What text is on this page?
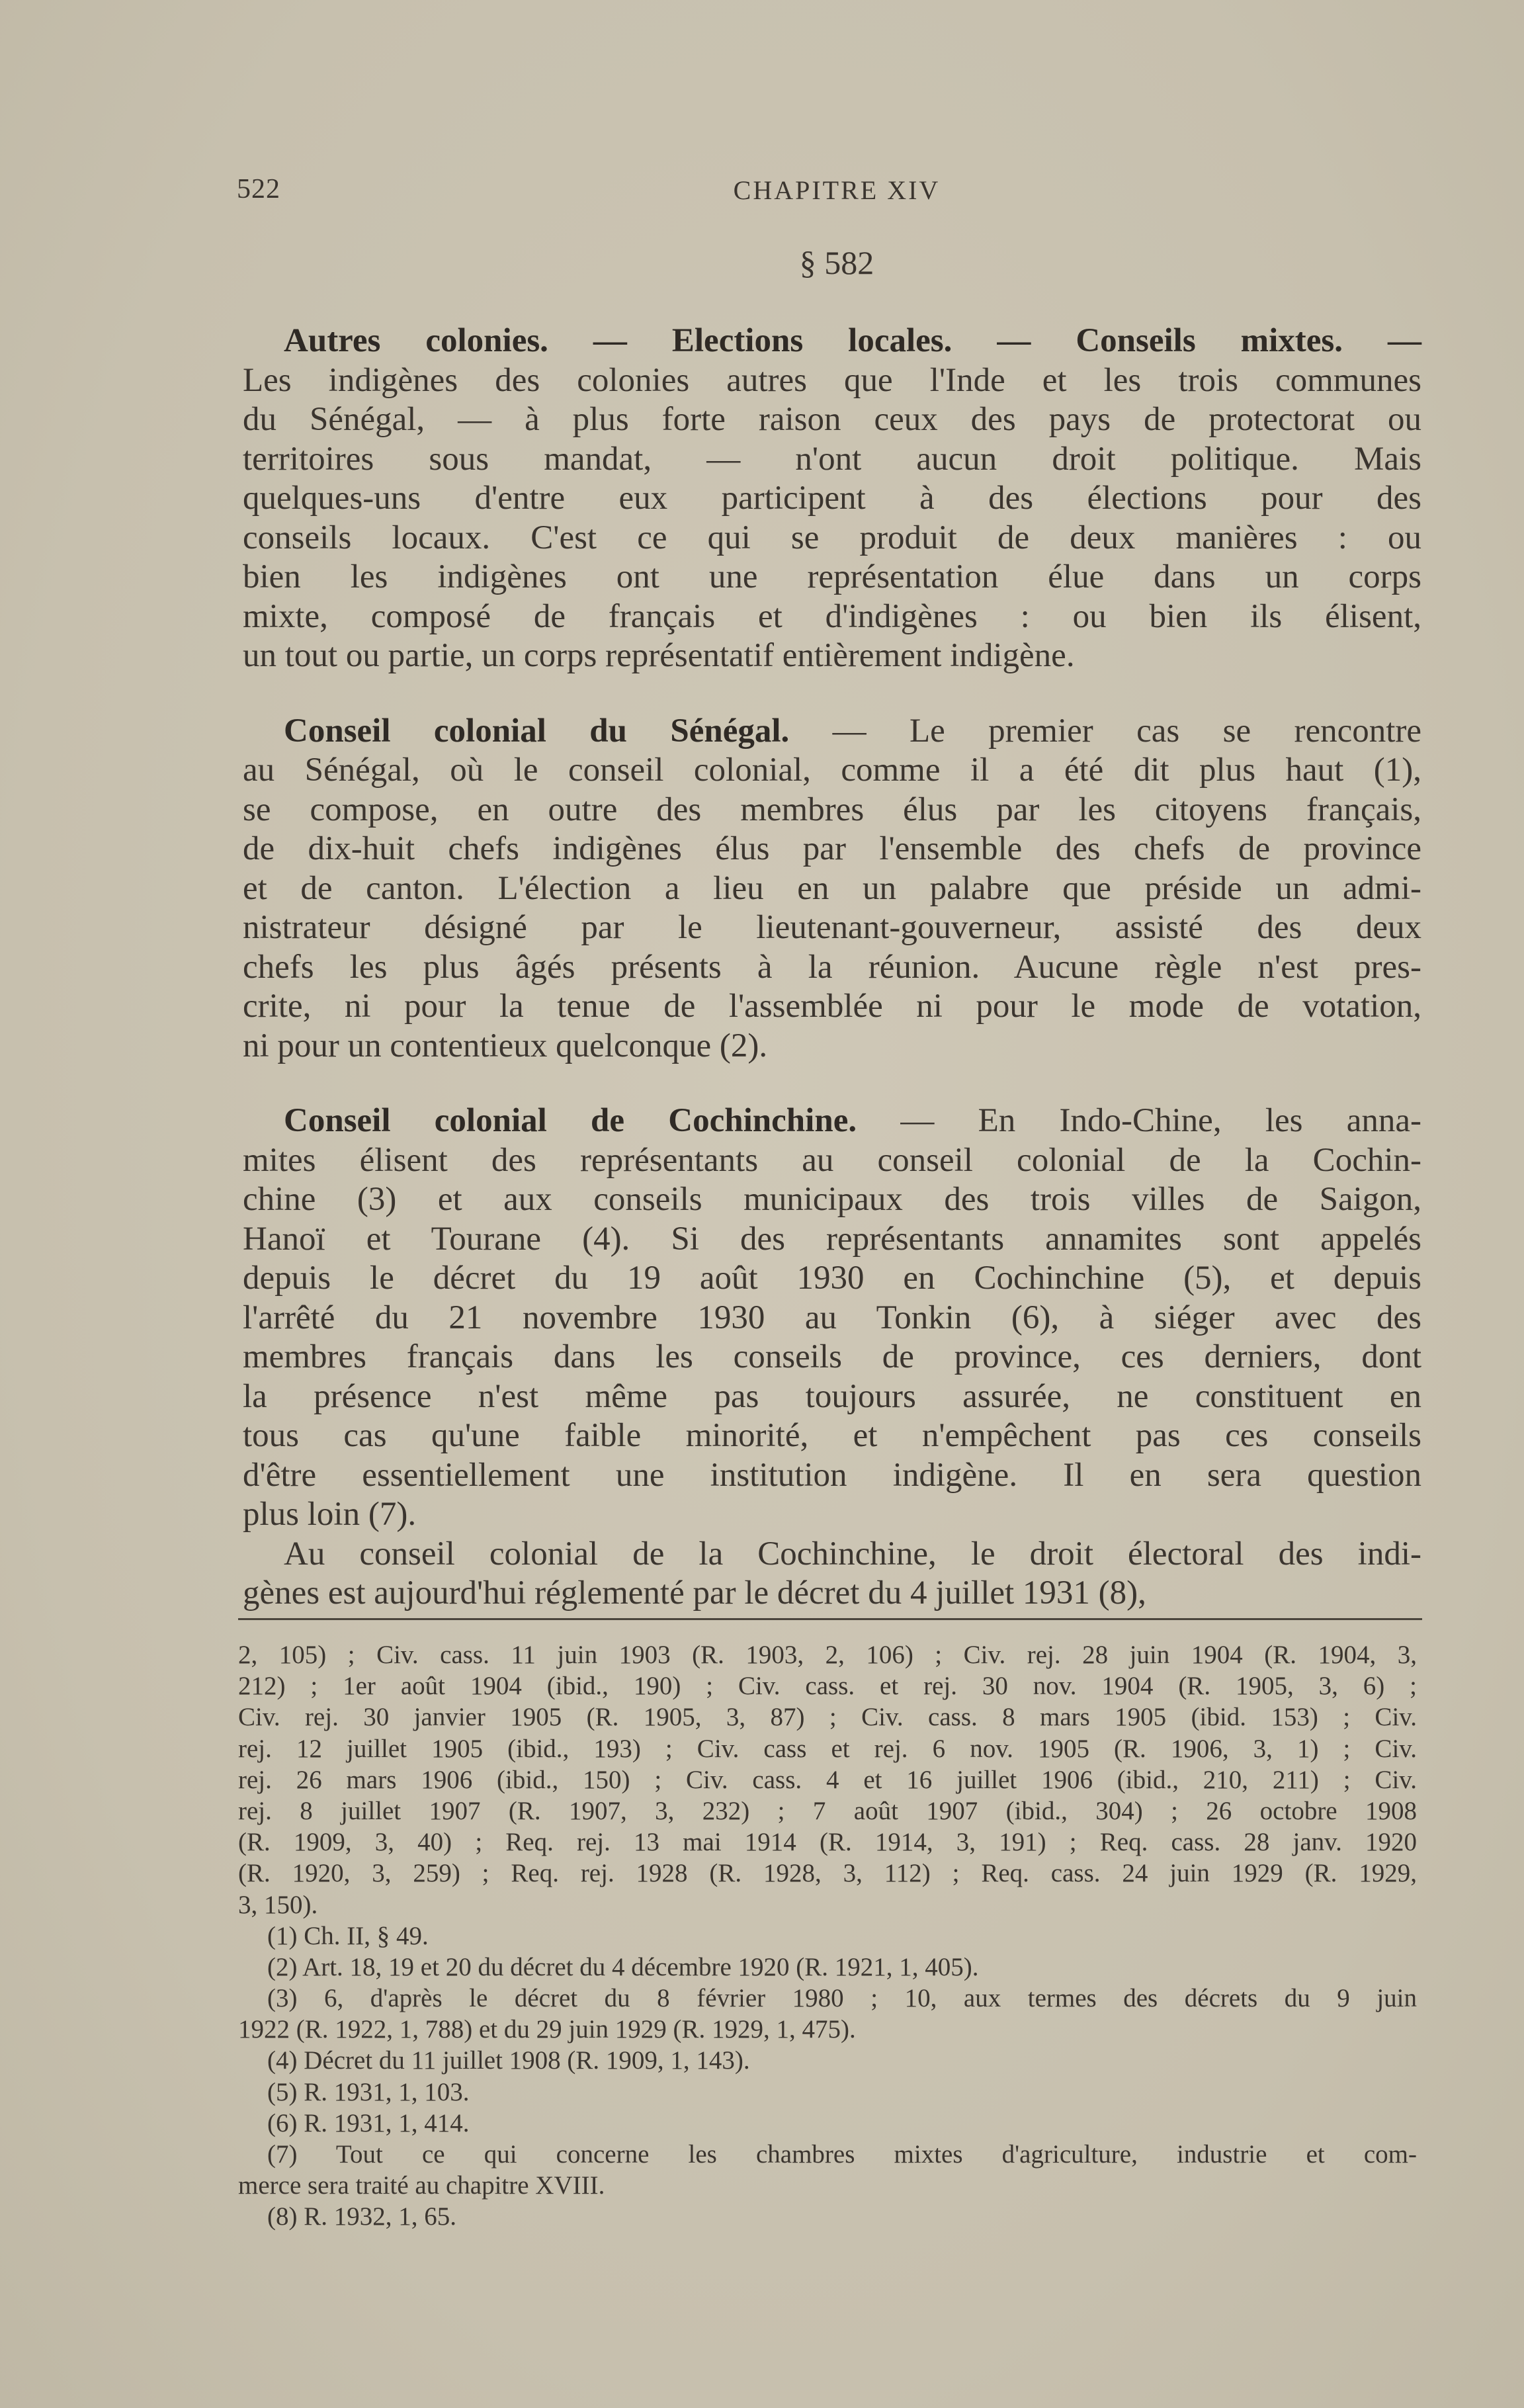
522	CHAPITRE XIV
§ 582
Autres colonies. — Elections locales. — Conseils mixtes. —
Les indigènes des colonies autres que l'Inde et les trois communes
du Sénégal, — à plus forte raison ceux des pays de protectorat ou
territoires sous mandat, — n'ont aucun droit politique. Mais
quelques-uns d'entre eux participent à des élections pour des
conseils locaux. C'est ce qui se produit de deux manières : ou
bien les indigènes ont une représentation élue dans un corps
mixte, composé de français et d'indigènes : ou bien ils élisent,
un tout ou partie, un corps représentatif entièrement indigène.
Conseil colonial du Sénégal. — Le premier cas se rencontre
au Sénégal, où le conseil colonial, comme il a été dit plus haut (1),
se compose, en outre des membres élus par les citoyens français,
de dix-huit chefs indigènes élus par l'ensemble des chefs de province
et de canton. L'élection a lieu en un palabre que préside un admi-
nistrateur désigné par le lieutenant-gouverneur, assisté des deux
chefs les plus âgés présents à la réunion. Aucune règle n'est pres-
crite, ni pour la tenue de l'assemblée ni pour le mode de votation,
ni pour un contentieux quelconque (2).
Conseil colonial de Cochinchine. — En Indo-Chine, les anna-
mites élisent des représentants au conseil colonial de la Cochin-
chine (3) et aux conseils municipaux des trois villes de Saigon,
Hanoï et Tourane (4). Si des représentants annamites sont appelés
depuis le décret du 19 août 1930 en Cochinchine (5), et depuis
l'arrêté du 21 novembre 1930 au Tonkin (6), à siéger avec des
membres français dans les conseils de province, ces derniers, dont
la présence n'est même pas toujours assurée, ne constituent en
tous cas qu'une faible minorité, et n'empêchent pas ces conseils
d'être essentiellement une institution indigène. Il en sera question
plus loin (7).
Au conseil colonial de la Cochinchine, le droit électoral des indi-
gènes est aujourd'hui réglementé par le décret du 4 juillet 1931 (8),
2, 105) ; Civ. cass. 11 juin 1903 (R. 1903, 2, 106) ; Civ. rej. 28 juin 1904 (R. 1904, 3,
212) ; 1er août 1904 (ibid., 190) ; Civ. cass. et rej. 30 nov. 1904 (R. 1905, 3, 6) ;
Civ. rej. 30 janvier 1905 (R. 1905, 3, 87) ; Civ. cass. 8 mars 1905 (ibid. 153) ; Civ.
rej. 12 juillet 1905 (ibid., 193) ; Civ. cass et rej. 6 nov. 1905 (R. 1906, 3, 1) ; Civ.
rej. 26 mars 1906 (ibid., 150) ; Civ. cass. 4 et 16 juillet 1906 (ibid., 210, 211) ; Civ.
rej. 8 juillet 1907 (R. 1907, 3, 232) ; 7 août 1907 (ibid., 304) ; 26 octobre 1908
(R. 1909, 3, 40) ; Req. rej. 13 mai 1914 (R. 1914, 3, 191) ; Req. cass. 28 janv. 1920
(R. 1920, 3, 259) ; Req. rej. 1928 (R. 1928, 3, 112) ; Req. cass. 24 juin 1929 (R. 1929,
3, 150).
(1) Ch. II, § 49.
(2) Art. 18, 19 et 20 du décret du 4 décembre 1920 (R. 1921, 1, 405).
(3) 6, d'après le décret du 8 février 1980 ; 10, aux termes des décrets du 9 juin
1922 (R. 1922, 1, 788) et du 29 juin 1929 (R. 1929, 1, 475).
(4) Décret du 11 juillet 1908 (R. 1909, 1, 143).
(5) R. 1931, 1, 103.
(6) R. 1931, 1, 414.
(7) Tout ce qui concerne les chambres mixtes d'agriculture, industrie et com-
merce sera traité au chapitre XVIII.
(8) R. 1932, 1, 65.
